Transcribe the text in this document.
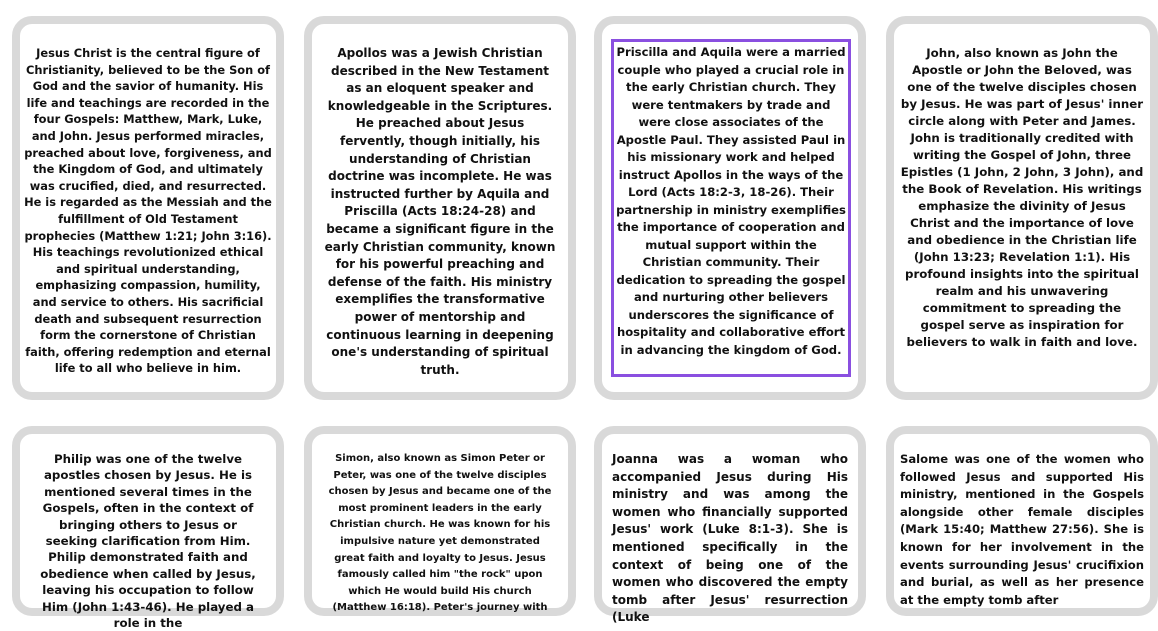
Jesus Christ is the central figure of Christianity, believed to be the Son of God and the savior of humanity. His life and teachings are recorded in the four Gospels: Matthew, Mark, Luke, and John. Jesus performed miracles, preached about love, forgiveness, and the Kingdom of God, and ultimately was crucified, died, and resurrected. He is regarded as the Messiah and the fulfillment of Old Testament prophecies (Matthew 1:21; John 3:16). His teachings revolutionized ethical and spiritual understanding, emphasizing compassion, humility, and service to others. His sacrificial death and subsequent resurrection form the cornerstone of Christian faith, offering redemption and eternal life to all who believe in him.

Apollos was a Jewish Christian described in the New Testament as an eloquent speaker and knowledgeable in the Scriptures. He preached about Jesus fervently, though initially, his understanding of Christian doctrine was incomplete. He was instructed further by Aquila and Priscilla (Acts 18:24-28) and became a significant figure in the early Christian community, known for his powerful preaching and defense of the faith. His ministry exemplifies the transformative power of mentorship and continuous learning in deepening one's understanding of spiritual truth.

Priscilla and Aquila were a married couple who played a crucial role in the early Christian church. They were tentmakers by trade and were close associates of the Apostle Paul. They assisted Paul in his missionary work and helped instruct Apollos in the ways of the Lord (Acts 18:2-3, 18-26). Their partnership in ministry exemplifies the importance of cooperation and mutual support within the Christian community. Their dedication to spreading the gospel and nurturing other believers underscores the significance of hospitality and collaborative effort in advancing the kingdom of God.

John, also known as John the Apostle or John the Beloved, was one of the twelve disciples chosen by Jesus. He was part of Jesus' inner circle along with Peter and James. John is traditionally credited with writing the Gospel of John, three Epistles (1 John, 2 John, 3 John), and the Book of Revelation. His writings emphasize the divinity of Jesus Christ and the importance of love and obedience in the Christian life (John 13:23; Revelation 1:1). His profound insights into the spiritual realm and his unwavering commitment to spreading the gospel serve as inspiration for believers to walk in faith and love.

Philip was one of the twelve apostles chosen by Jesus. He is mentioned several times in the Gospels, often in the context of bringing others to Jesus or seeking clarification from Him. Philip demonstrated faith and obedience when called by Jesus, leaving his occupation to follow Him (John 1:43-46). He played a role in the

Simon, also known as Simon Peter or Peter, was one of the twelve disciples chosen by Jesus and became one of the most prominent leaders in the early Christian church. He was known for his impulsive nature yet demonstrated great faith and loyalty to Jesus. Jesus famously called him "the rock" upon which He would build His church (Matthew 16:18). Peter's journey with

Joanna was a woman who accompanied Jesus during His ministry and was among the women who financially supported Jesus' work (Luke 8:1-3). She is mentioned specifically in the context of being one of the women who discovered the empty tomb after Jesus' resurrection (Luke

Salome was one of the women who followed Jesus and supported His ministry, mentioned in the Gospels alongside other female disciples (Mark 15:40; Matthew 27:56). She is known for her involvement in the events surrounding Jesus' crucifixion and burial, as well as her presence at the empty tomb after
